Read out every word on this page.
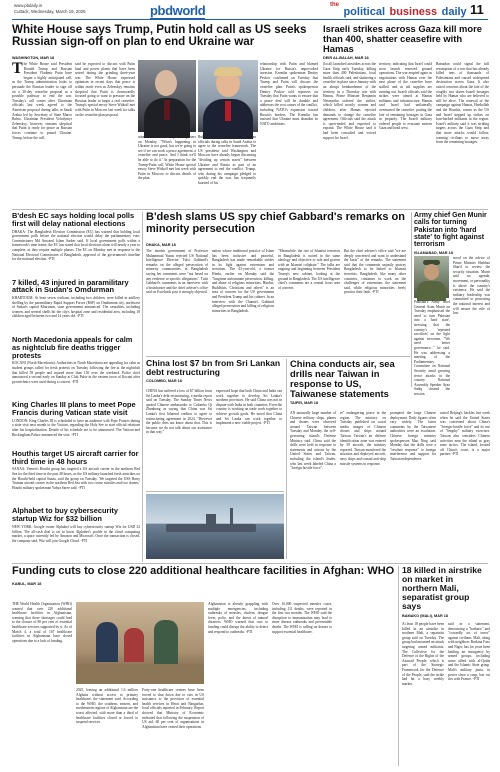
www.pbdaily.in
Cuttack, Wednesday, March 19, 2025	pbdworld	$^{the}$ political business daily 11
White House says Trump, Putin hold call as US seeks Russian sign-off on plan to end Ukraine war
WASHINGTON, MAR 18
T he White House said President Donald Trump and Russian President Vladimir Putin have begun a highly anticipated call, as the Trump administration looks to persuade the Russian leader to sign off on a 30-day ceasefire proposal as a possible pathway to end the war. Tuesday's call comes after Ukrainian officials last week agreed to the American proposal during talks in Saudi Arabia led by Secretary of State Marco Rubio. Ukrainian President Volodymyr Zelenskyy, however, remains skeptical that Putin is ready for peace as Russian forces continue to pound Ukraine. Trump, before the call,
said he expected to discuss with Putin land and power plants that have been seized during the grinding three-year war. The White House expressed optimism in recent days that peace is within reach even as Zelenskyy remains skeptical that Putin is downwardly focused going to want to pressure on the Russian leader to begin a real ceasefire. Trump's special envoy Steve Witkoff met with Putin in Moscow last week for talks on the ceasefire plan proposal.
ation to Ukraine," Trump told reporters on Monday, "What's happening in Ukraine is not good, but we're going to see if we can work a peace agreement, a ceasefire and peace. And I think we'll be able to do it." In preparation for the Trump-Putin call, White House special envoy Steve Witkoff met last week with Putin in Moscow to discuss details of the plan.
Rubio had persuaded senior Ukrainian officials during talks in Saudi Arabia to agree to the ceasefire framework. The US president said Washington and Moscow have already begun discussing "dividing up certain assets" between Ukraine and Russia as part of an agreement to end the conflict. Trump, who during his campaign pledged to quickly end the war, has frequently boasted of his
relationship with Putin and blamed Ukraine for Russia's unprovoked invasion. Kremlin spokesman Dmitry Peskov confirmed on Tuesday that Trump and Putin will discuss the ceasefire plan. Putin's spokesperson Dmitry Peskov told reporters on Tuesday that Putin wants to ensure that a peace deal will be durable and addresses the root causes of the conflict, including NATO's expansion toward Russia's borders. The Kremlin has insisted that Ukraine must abandon its NATO ambitions.
Israeli strikes across Gaza kill more than 400, shatter ceasefire with Hamas
DEIR AL-BALAH, MAR 18
(local) launched airstrikes across the Gaza Strip early Tuesday, killing more than 400 Palestinians, local health officials said, and shattering a ceasefire in place since January with an abrupt bombardment of the territory in a Thursday war with Hamas. Prime Minister Benjamin Netanyahu ordered the strikes, which killed mostly women and children, after Hamas rejected demands to change the ceasefire agreement. Officials said the attack is open-ended and expected to expand. The White House said it had been consulted and voiced support for Israel.
territory, indicating that Israel could soon launch renewed ground operations. The war erupted again as negotiations with Hamas over the next phase of the ceasefire have stalled, and as aid supplies are running out. Israeli officials said the strikes were aimed at Hamas militants and infrastructure. Hamas said Israel had unilaterally overturned the ceasefire, putting the fate of remaining hostages in Gaza in jeopardy. The Israeli military ordered people to evacuate eastern Gaza and head west.
Ramadan could signal the full resumption of a war that has already killed tens of thousands of Palestinians and caused widespread destruction across Gaza. It also raised concerns about the fate of the roughly two dozen Israeli hostages held by Hamas who are believed to still be alive. The renewal of the campaign against Hamas, Hezbollah and the Houthis, comes as the US and Israel stepped up strikes on Iran-backed militants in the region. Israel's military said it was striking targets across the Gaza Strip and that more attacks would follow, warning civilians to move away from the remaining hostages.
B'desh EC says holding local polls first will delay national elections
DHAKA: The Bangladesh Election Commission (EC) has warned that holding local government polls before the national election would delay the parliamentary vote, Commissioner Md Anwarul Islam Sarker said. If local government polls within a framework's time frame, the EC has stated that local elections alone will nearly a year to complete, as they require multiple phases. The EC on Monday met in response to the National Electoral Commission of Bangladesh, approval of the government's timeline for the national election. -PTI
7 killed, 43 injured in paramilitary attack in Sudan's Omdurman
KHARTOUM: At least seven civilians, including two children, were killed in artillery shelling by the paramilitary Rapid Support Forces (RSF) on Omdurman city, northwest of Sudan's capital Khartoum, state government announced. The casualties, including women, and several shells hit the city's hospital zone and residential area, including 18 children aged between two and 14 years old. -PTI
North Macedonia appeals for calm as nightclub fire deaths trigger protests
KOCANI (North Macedonia): Authorities in North Macedonia are appealing for calm as student groups called for fresh protests on Tuesday following the fire at the nightclub that killed 59 people and injured more than 150 over the weekend. Police chief announced a second early on Sunday at Club Pulse in the eastern town of Kocani after pyrotechnics were used during a concert. -PTI
King Charles III plans to meet Pope Francis during Vatican state visit
LONDON: King Charles III is scheduled to have an audience with Pope Francis during a state visit next month to the Vatican, regarding the Holy See to start official relations after his hospitalization. Details of his schedule are to be announced. The Vatican and Buckingham Palace announced the visit. -PTI
Houthis target US aircraft carrier for third time in 48 hours
SANAA: Yemen's Houthi group has targeted a US aircraft carrier in the northern Red Sea for the third time in the past 48 hours, as the US military launched fresh airstrikes on the Houthi-held capital Sanaa, said the group on Tuesday. 'We targeted the USS Harry Truman aircraft carrier in the northern Red Sea with two cruise missiles and two drones,' Houthi military spokesman Yahya Saree said. -PTI
Alphabet to buy cybersecurity startup Wiz for $32 billion
NEW YORK: Google owner Alphabet will buy cybersecurity startup Wiz for USD 32 billion. The all-cash deal is set to boost Alphabet's profile in the cloud computing market, a space currently led by Amazon and Microsoft. Once the transaction is closed, the company said, Wiz will join Google Cloud. -PTI
B'desh slams US spy chief Gabbard's remarks on minority persecution
DHAKA, MAR 18
The interim government of Professor Muhammad Yunus rejected US National Intelligence Director Tulsi Gabbard's remarks on the alleged persecution of minority communities in Bangladesh saying her comments were "not based on any evidence or specific allegations". Tulsi Gabbard's comments in an interview with a broadcaster and the chief adviser's office said on Facebook post it strongly objected.
nation whose traditional practice of Islam has been inclusive and peaceful, Bangladesh has made remarkable strides in its fight against extremism and terrorism. The 43-year-old, a former Hindu, earlier on Monday said the "longtime unfortunate persecution, killing, and abuse of religious minorities, Hindus, Buddhists, Christians and others" is an area of concern for the US government and President Trump and his cabinet. In an interview with the Channel, Gabbard alleged persecution and killing of religious minorities in Bangladesh.
"Meanwhile, the rise of Islamist terrorists in Bangladesh is rooted in the same ideology and objective to rule and govern with an Islamist caliphate." The talks are ongoing and beginning between President Trump's new cabinet, looking at the ground in Bangladesh. The US intelligence chief's comments are a central focus area of concern.
But the chief adviser's office said "we are deeply concerned and want to understand the basis" of the remarks. The statement said that the comments unjustly portray Bangladesh to be linked to Islamist terrorists. Bangladesh, like many other countries, continues to work on the challenges of extremism, the statement said, while religious minorities freely practise their faith. -PTI
Army chief Gen Munir calls for turning Pakistan into 'hard state' to fight against terrorism
ISLAMABAD, MAR 18
Pakistan's Army chief General Asim Munir on Tuesday emphasised the need to turn Pakistan into a 'hard state', stressing that the country's 'repeated sacrifices' on the fight against terrorism. "We need better governance..." he said. He was addressing a meeting of the Parliamentary Committee on National Security amid growing terror attacks in the country. National Assembly Speaker Ayaz Sadiq chaired the session.
stood on the advice of Prime Minister Shehbaz Sharif to review the security situation. Munir said no agenda, movement, or personality is above the country's existence. He said the military leadership was committed to protecting the national interest and will ensure the rule of law.
China lost $7 bn from Sri Lankan debt restructuring
COLOMBO, MAR 18
CHINA has suffered a loss of $7 billion from Sri Lanka's debt restructuring, a media report said on Tuesday. The Sunday Times News quoted Chinese ambassador to Colombo Qi Zhenhong as saying that China was Sri Lanka's first bilateral creditor to agree to restructuring agreement in 2024. "However the public does not know about that. This is because we do not talk about our assistance in that way."
expressed hope that both China and India can work together to develop Sri Lanka's northern provinces. He said China was not in dispute with India in both countries. Even the country is working on trade work together to achieve growth goals. He noted that China and Sri Lanka can work together to implement a new viable project. -PTI
China conducts air, sea drills near Taiwan in response to US, Taiwanese statements
TAIPEI, MAR 18
AN unusually large number of Chinese military ships, planes and drones were observed around Taiwan between Tuesday and Monday, the self-governing island's Defense Ministry said. China said the drills were held in response to statements and actions by the United States and Taiwan, including the island's leader, who last week labeled China a "foreign hostile force".
er" endangering peace in the region. The ministry on Tuesday published on social media images of Chinese drones and ships around Taiwan. Taiwan's air defense identification zone was entered by 59 aircraft, the ministry reported. Taiwan monitored the situation and deployed aircraft, navy ships and coastal anti-ship missile systems in response.
prompted the large Chinese deployment. Daily figures often vary widely. The latest comments by the Taiwanese authorities were an escalation. Chinese foreign ministry spokesperson Mao Ning said Monday that the drills were a "resolute response" to foreign interference and support for Taiwan independence.
raised Beijing's hackles last week when he said the United States was concerned about China's "foreign-hostile force" and its use of "lengthy" military exercises. Taiwan also considers Chinese activities near the island as gray zone tactics. The island, located off China's coast, is a major partner. -PTI
Funding cuts to close 220 additional healthcare facilities in Afghan: WHO
KABUL, MAR 18
THE World Health Organization (WHO) warned that over 220 additional healthcare facilities in Afghanistan, warning that these shortages could lead to the closure of 80 per cent of essential healthcare services supported by it. As of March 4, a total of 167 healthcare facilities in Afghanistan have closed operations due to a lack of funding.
2025, leaving an additional 1.6 million Afghans without access to primary healthcare, the statement said. According to the WHO, the southern, eastern, and northeastern regions of Afghanistan are the worst affected, with more than a third of healthcare facilities closed or forced to suspend services.
Forty-one healthcare centres have been forced to shut down due to cuts in US assistance to the provision of essential health services in Herat and Nangarhar, local officials reported in February. Report showed that Ministry of Economic indicated that following the suspension of US aid, 60 per cent of organisations in Afghanistan have ceased their operations.
Afghanistan is already grappling with multiple emergencies, including outbreaks of measles, cholera, dengue fever, polio, and the threat of natural disasters. WHO warned that cuts to funding could disrupt the ability to detect and respond to outbreaks. -PTI
Over 16,000 suspected measles cases, including 111 deaths, were reported in the first two months. The WHO said the disruption to immunization may lead to more disease outbreaks and preventable deaths. The WHO is calling on donors to support essential healthcare.
18 killed in airstrike on market in northern Mali, separatist group says
BAMAKO (MALI), MAR 18
At least 18 people have been killed in an airstrike in northern Mali, a separatist group said on Tuesday. The group had mounted an attack targeting armed militants. The Collective for the Defence of the Rights of the Azawad People, which is part of the Strategic Framework for the Defence of the People, said the strike had hit a busy weekly market.
said in a statement, denouncing a "barbaric" and "cowardly act of terror" against civilians. Mali, along with neighbors Burkina Faso and Niger, has for years been battling an insurgency by armed groups, including some allied with al-Qaida and the Islamic State group. Mali's military junta, in power since a coup, has cut ties with France. -PTI
